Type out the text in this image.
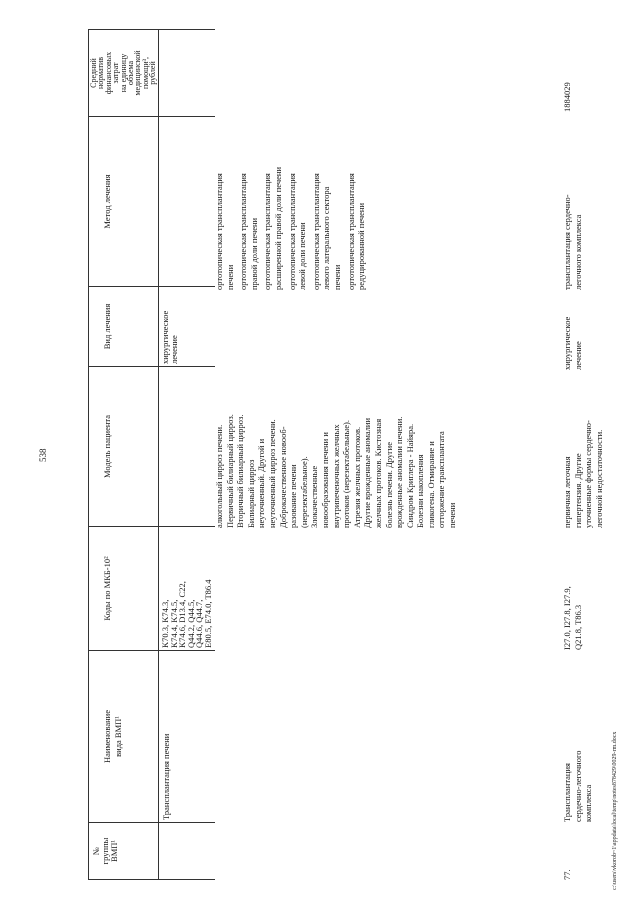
№ группы ВМП¹
Наименование вида ВМП¹
Коды по МКБ-10²
Модель пациента
Вид лечения
Метод лечения
Средний
норматив
финансовых
затрат
на единицу
объема
медицинской
помощи³,
рублей
Трансплантация печени
K70.3, K74.3,
K74.4, K74.5,
K74.6, D13.4, C22,
Q44.2, Q44.5,
Q44.6, Q44.7,
E80.5, E74.0, T86.4
хирургическое
лечение
алкогольный цирроз печени. Первичный билиарный цирроз. Вторичный билиарный цирроз. Билиарный цирроз неуточненный. Другой и неуточненный цирроз печени. Доброкачественное новооб- разование печени (нерезектабельное). Злокачественные новообразования печени и внутрипеченочных желчных протоков (нерезектабельные). Атрезия желчных протоков. Другие врожденные аномалии желчных протоков. Кистозная болезнь печени. Другие врожденные аномалии печени. Синдром Криглера - Найяра. Болезни накопления гликогена. Отмирание и отторжение трансплантата печени
ортотопическая трансплантация печени ортотопическая трансплантация правой доли печени ортотопическая трансплантация расширенной правой доли печени ортотопическая трансплантация левой доли печени ортотопическая трансплантация левого латерального сектора печени ортотопическая трансплантация редуцированной печени
77.
Трансплантация сердечно-легочного комплекса
I27.0, I27.8, I27.9, Q21.8, T86.3
первичная легочная гипертензия. Другие уточненные формы сердечно- легочной недостаточности.
хирургическое лечение
трансплантация сердечно- легочного комплекса
1884029
538
c:\users\vkorob~1\appdata\local\temp\notes878429\0029-rm.docx
